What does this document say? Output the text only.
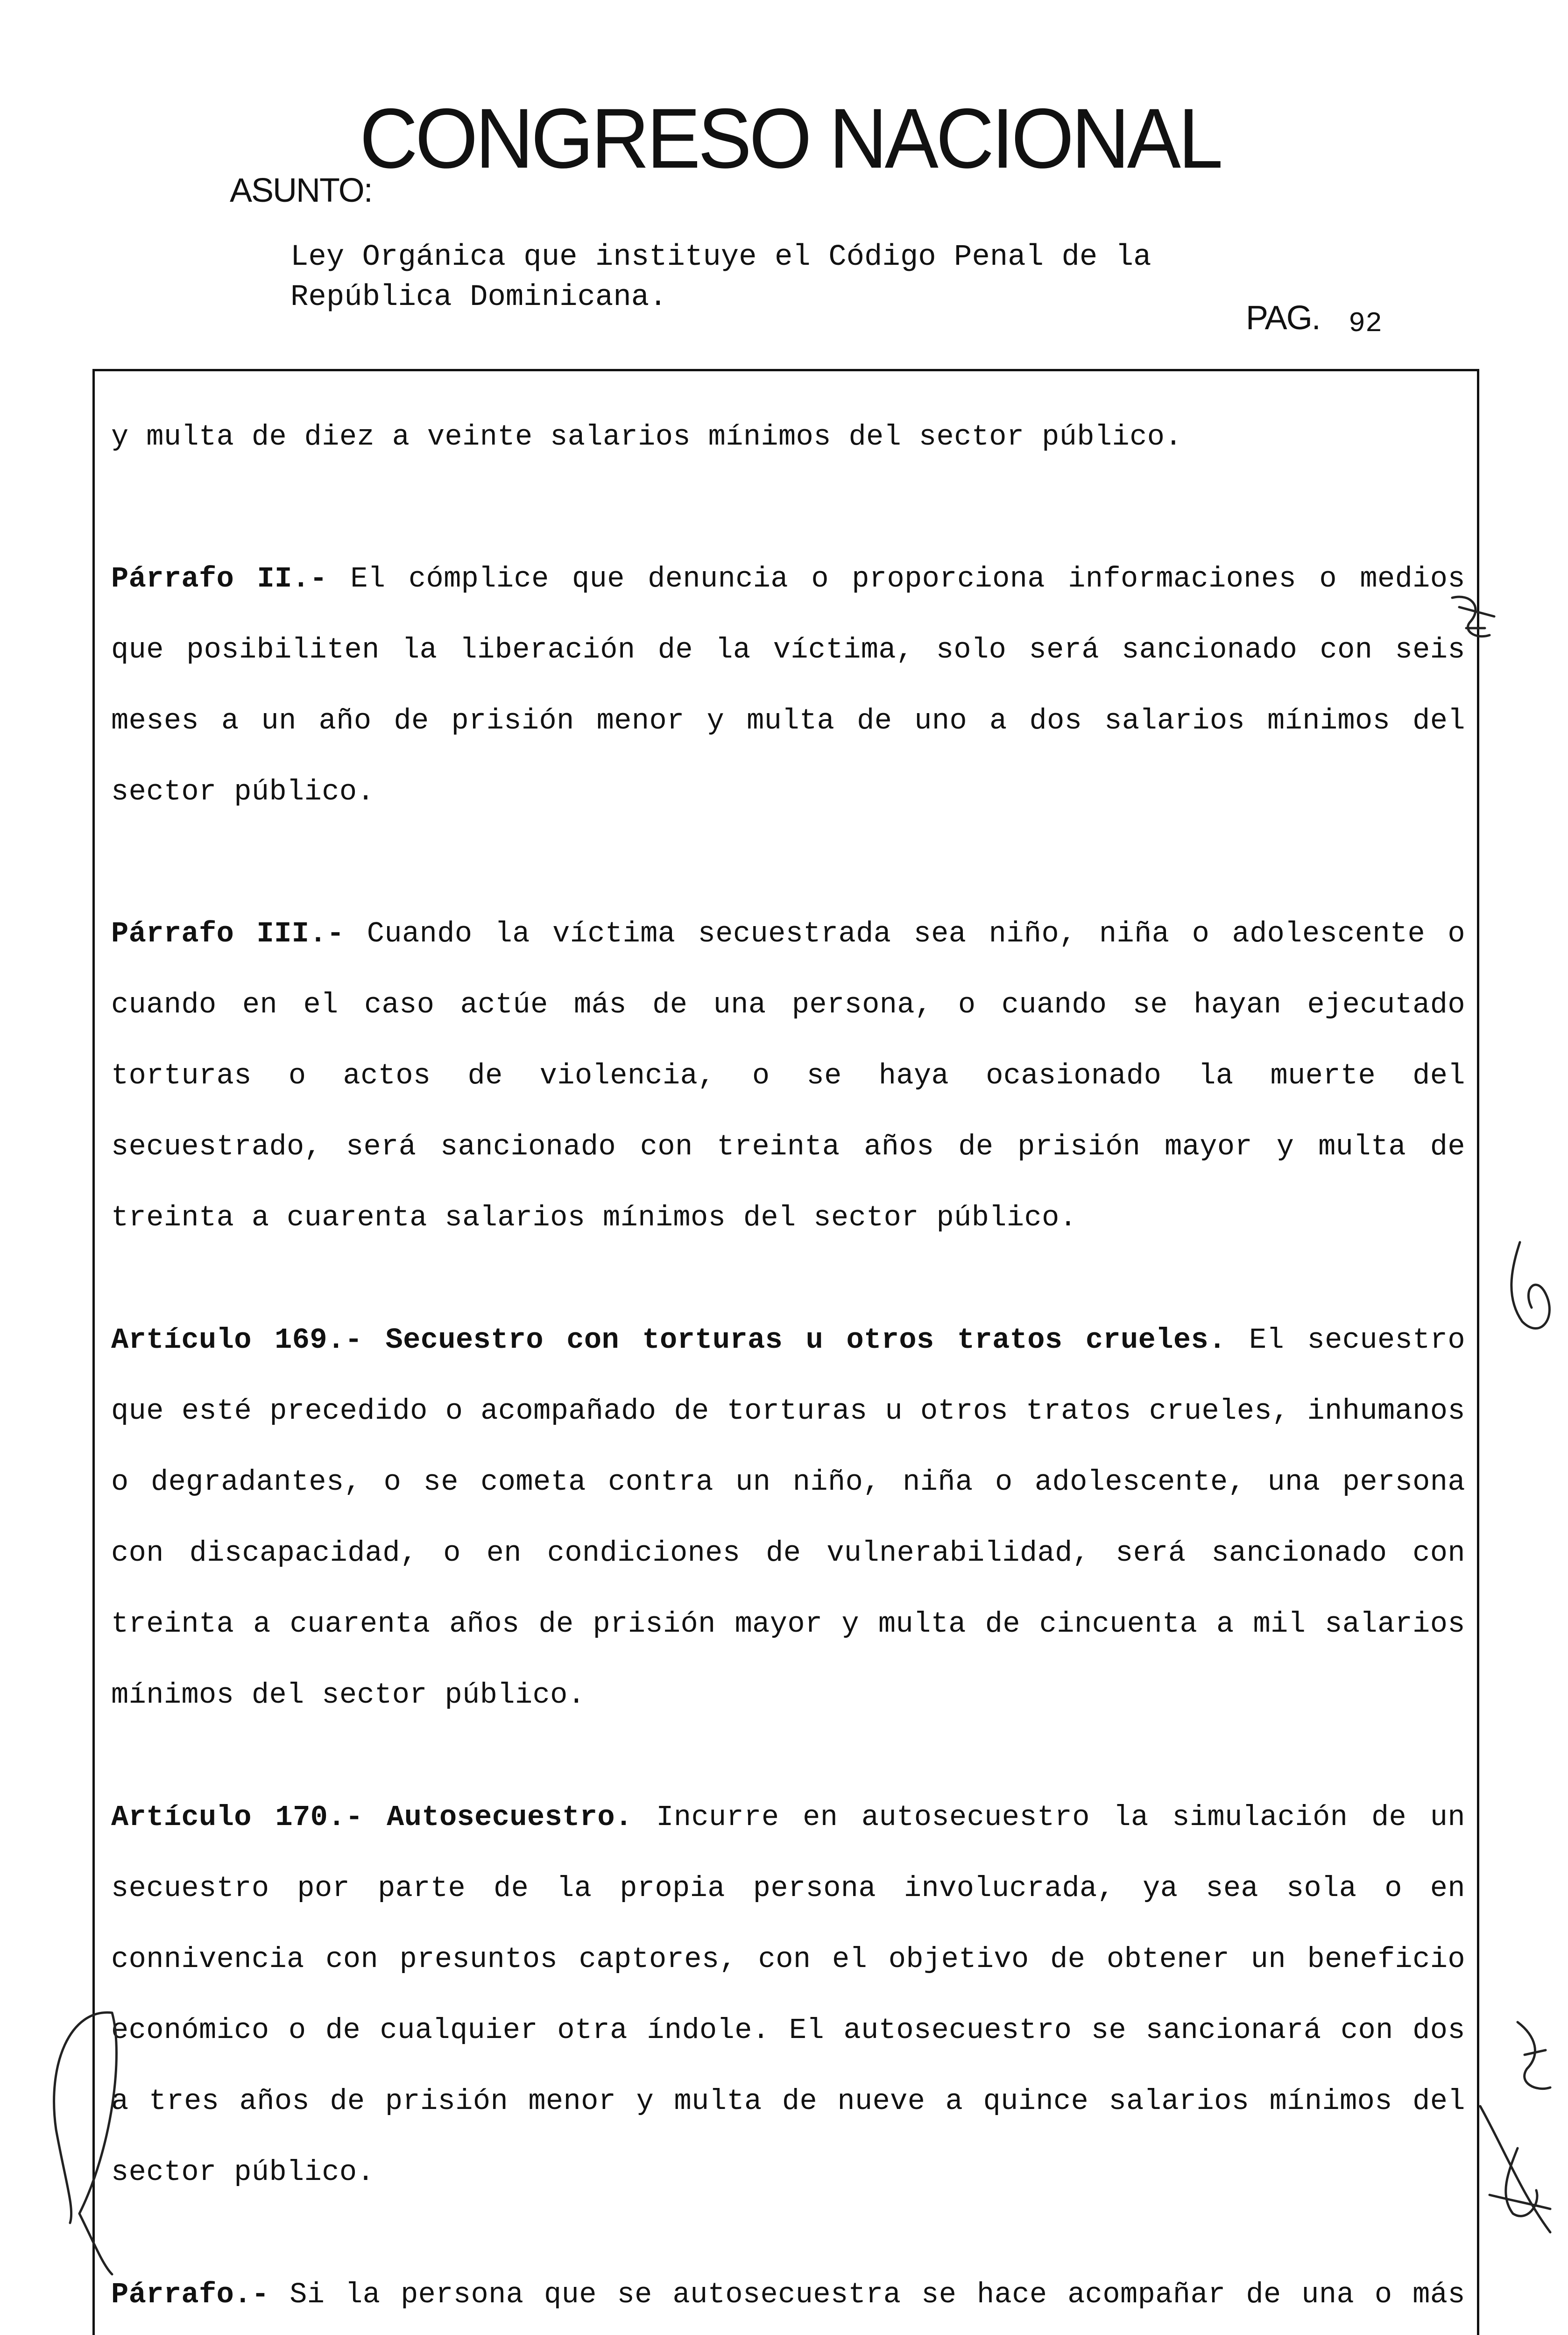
CONGRESO NACIONAL
ASUNTO:
Ley Orgánica que instituye el Código Penal de la
República Dominicana.
PAG. 92

y multa de diez a veinte salarios mínimos del sector público.

Párrafo II.- El cómplice que denuncia o proporciona informaciones o medios que posibiliten la liberación de la víctima, solo será sancionado con seis meses a un año de prisión menor y multa de uno a dos salarios mínimos del sector público.

Párrafo III.- Cuando la víctima secuestrada sea niño, niña o adolescente o cuando en el caso actúe más de una persona, o cuando se hayan ejecutado torturas o actos de violencia, o se haya ocasionado la muerte del secuestrado, será sancionado con treinta años de prisión mayor y multa de treinta a cuarenta salarios mínimos del sector público.

Artículo 169.- Secuestro con torturas u otros tratos crueles. El secuestro que esté precedido o acompañado de torturas u otros tratos crueles, inhumanos o degradantes, o se cometa contra un niño, niña o adolescente, una persona con discapacidad, o en condiciones de vulnerabilidad, será sancionado con treinta a cuarenta años de prisión mayor y multa de cincuenta a mil salarios mínimos del sector público.

Artículo 170.- Autosecuestro. Incurre en autosecuestro la simulación de un secuestro por parte de la propia persona involucrada, ya sea sola o en connivencia con presuntos captores, con el objetivo de obtener un beneficio económico o de cualquier otra índole. El autosecuestro se sancionará con dos a tres años de prisión menor y multa de nueve a quince salarios mínimos del sector público.

Párrafo.- Si la persona que se autosecuestra se hace acompañar de una o más
